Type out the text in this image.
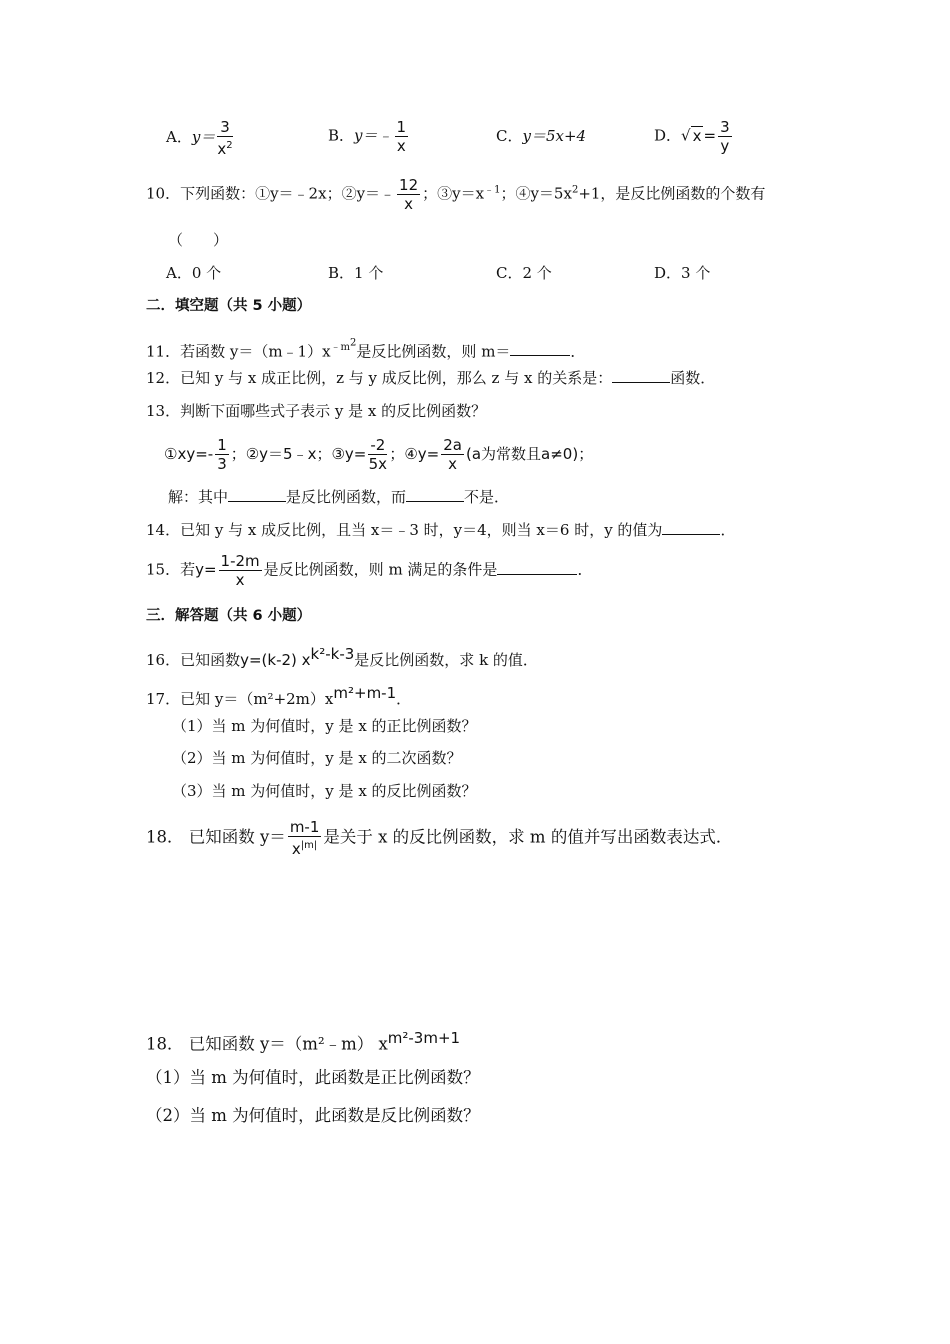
A．$y= \frac{3}{x^2}$	B．y＝﹣ $\frac{1}{x}$	C．y＝5x+4	D．√ $x = \frac{3}{y}$
10．下列函数：①y＝﹣2x；②y＝﹣ $\frac{12}{x}$ ；$③y=x^{﹣1}$；$④y=5x^2+1$，是反比例函数的个数有
（　　）
A．0 个	B．1 个	C．2 个	D．3 个
二．填空题（共 5 小题）
11．若函数 $y=(m﹣1)x^{﹣m^2}$是反比例函数，则 m＝	．
12．已知 y 与 x 成正比例，z 与 y 成反比例，那么 z 与 x 的关系是：	函数．
13．判断下面哪些式子表示 y 是 x 的反比例函数？
①xy=- $\frac{1}{3}$ ；②y＝5﹣x；③y= $\frac{-2}{5x}$ ；④y= $\frac{2a}{x} (a$为常数且a≠0)；
解：其中	是反比例函数，而	不是．
14．已知 y 与 x 成反比例，且当 x＝﹣3 时，y＝4，则当 x＝6 时，y 的值为	．
15．若$y= \frac{1-2m}{x}$ 是反比例函数，则 m 满足的条件是	．
三．解答题（共 6 小题）
16．已知函数y=(k-2) $x^{k^2-k-3}$是反比例函数，求 k 的值．
17．已知 $y=(m^2+2m)x^{m^2+m-1}$．
（1）当 m 为何值时，y 是 x 的正比例函数？
（2）当 m 为何值时，y 是 x 的二次函数？
（3）当 m 为何值时，y 是 x 的反比例函数？
18． 已知函数 $y= \frac{m-1}{x^{|m|}}$ 是关于 x 的反比例函数，求 m 的值并写出函数表达式．
18． 已知函数 y＝（m²﹣m） $x^{m^2-3m+1}$
（1）当 m 为何值时，此函数是正比例函数？
（2）当 m 为何值时，此函数是反比例函数？
